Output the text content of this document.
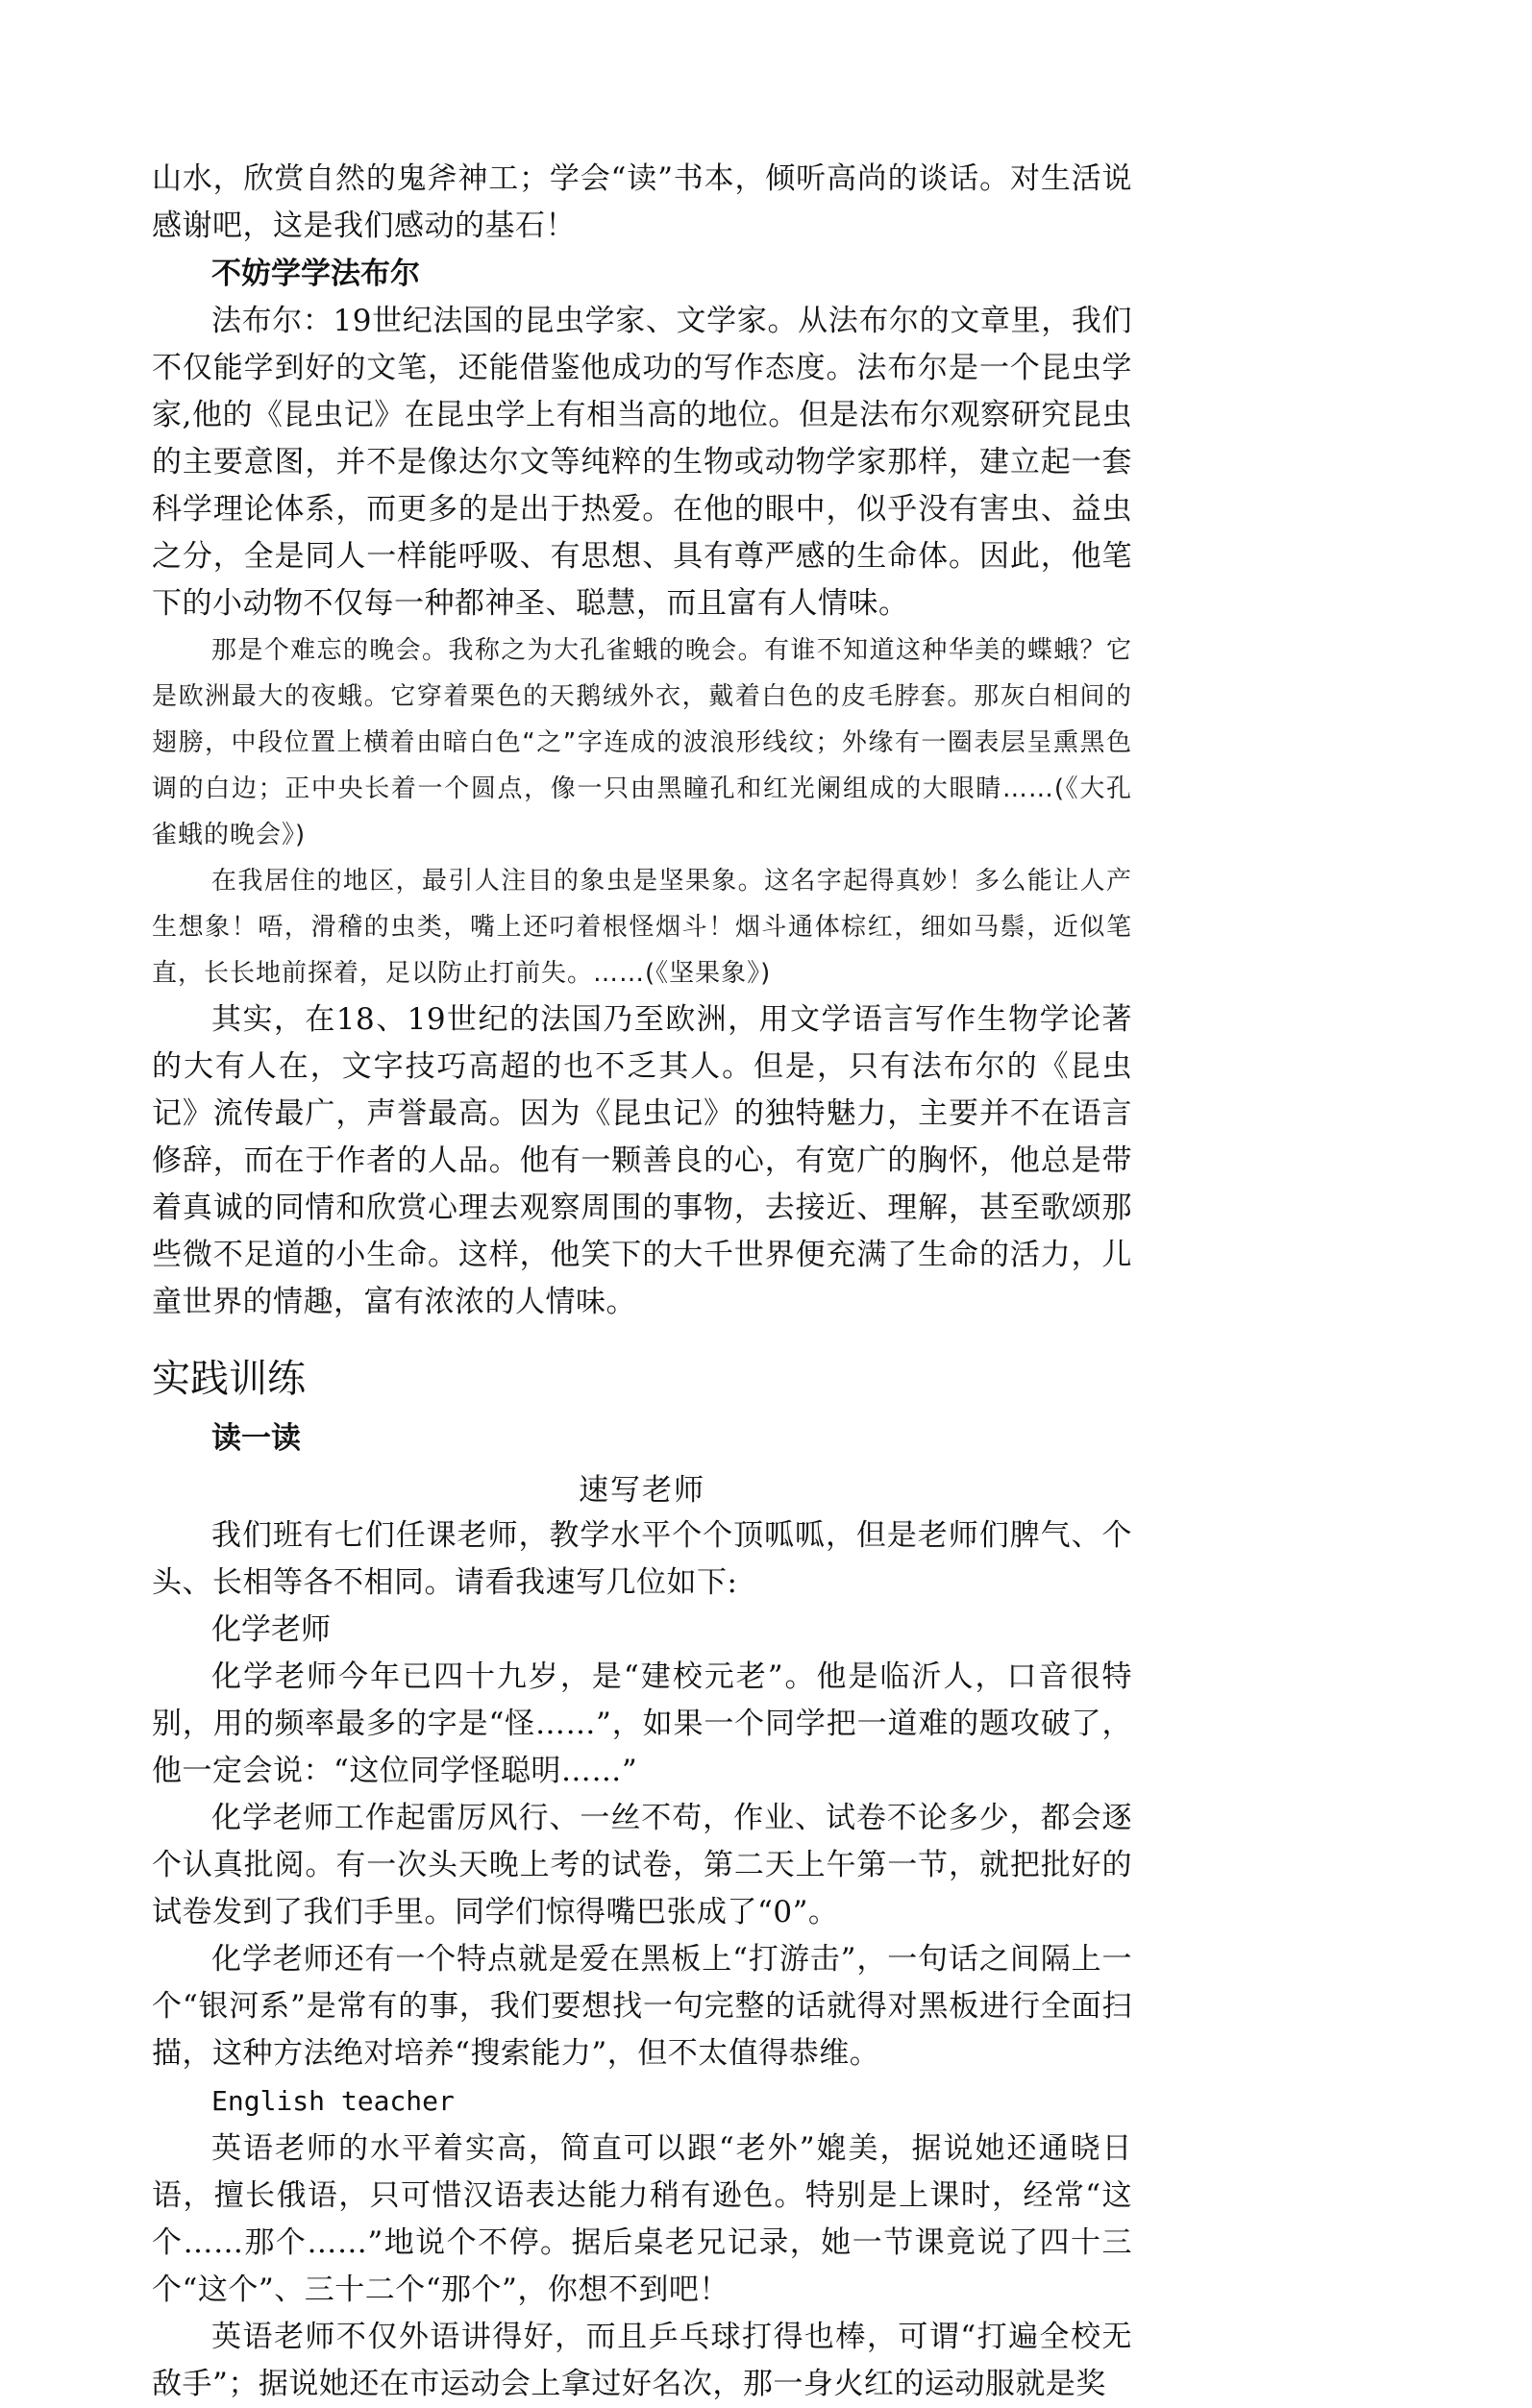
山水，欣赏自然的鬼斧神工；学会“读”书本，倾听高尚的谈话。对生活说感谢吧，这是我们感动的基石！

不妨学学法布尔

法布尔：19世纪法国的昆虫学家、文学家。从法布尔的文章里，我们不仅能学到好的文笔，还能借鉴他成功的写作态度。法布尔是一个昆虫学家,他的《昆虫记》在昆虫学上有相当高的地位。但是法布尔观察研究昆虫的主要意图，并不是像达尔文等纯粹的生物或动物学家那样，建立起一套科学理论体系，而更多的是出于热爱。在他的眼中，似乎没有害虫、益虫之分，全是同人一样能呼吸、有思想、具有尊严感的生命体。因此，他笔下的小动物不仅每一种都神圣、聪慧，而且富有人情味。

那是个难忘的晚会。我称之为大孔雀蛾的晚会。有谁不知道这种华美的蝶蛾？它是欧洲最大的夜蛾。它穿着栗色的天鹅绒外衣，戴着白色的皮毛脖套。那灰白相间的翅膀，中段位置上横着由暗白色“之”字连成的波浪形线纹；外缘有一圈表层呈熏黑色调的白边；正中央长着一个圆点，像一只由黑瞳孔和红光阑组成的大眼睛……(《大孔雀蛾的晚会》)

在我居住的地区，最引人注目的象虫是坚果象。这名字起得真妙！多么能让人产生想象！唔，滑稽的虫类，嘴上还叼着根怪烟斗！烟斗通体棕红，细如马鬃，近似笔直，长长地前探着，足以防止打前失。……(《坚果象》)

其实，在18、19世纪的法国乃至欧洲，用文学语言写作生物学论著的大有人在，文字技巧高超的也不乏其人。但是，只有法布尔的《昆虫记》流传最广，声誉最高。因为《昆虫记》的独特魅力，主要并不在语言修辞，而在于作者的人品。他有一颗善良的心，有宽广的胸怀，他总是带着真诚的同情和欣赏心理去观察周围的事物，去接近、理解，甚至歌颂那些微不足道的小生命。这样，他笑下的大千世界便充满了生命的活力，儿童世界的情趣，富有浓浓的人情味。

实践训练

读一读

速写老师

我们班有七们任课老师，教学水平个个顶呱呱，但是老师们脾气、个头、长相等各不相同。请看我速写几位如下:

化学老师

化学老师今年已四十九岁，是“建校元老”。他是临沂人，口音很特别，用的频率最多的字是“怪……”，如果一个同学把一道难的题攻破了，他一定会说：“这位同学怪聪明……”

化学老师工作起雷厉风行、一丝不苟，作业、试卷不论多少，都会逐个认真批阅。有一次头天晚上考的试卷，第二天上午第一节，就把批好的试卷发到了我们手里。同学们惊得嘴巴张成了“0”。

化学老师还有一个特点就是爱在黑板上“打游击”，一句话之间隔上一个“银河系”是常有的事，我们要想找一句完整的话就得对黑板进行全面扫描，这种方法绝对培养“搜索能力”，但不太值得恭维。

English teacher

英语老师的水平着实高，简直可以跟“老外”媲美，据说她还通晓日语，擅长俄语，只可惜汉语表达能力稍有逊色。特别是上课时，经常“这个……那个……”地说个不停。据后桌老兄记录，她一节课竟说了四十三个“这个”、三十二个“那个”，你想不到吧！

英语老师不仅外语讲得好，而且乒乓球打得也棒，可谓“打遍全校无敌手”；据说她还在市运动会上拿过好名次，那一身火红的运动服就是奖
